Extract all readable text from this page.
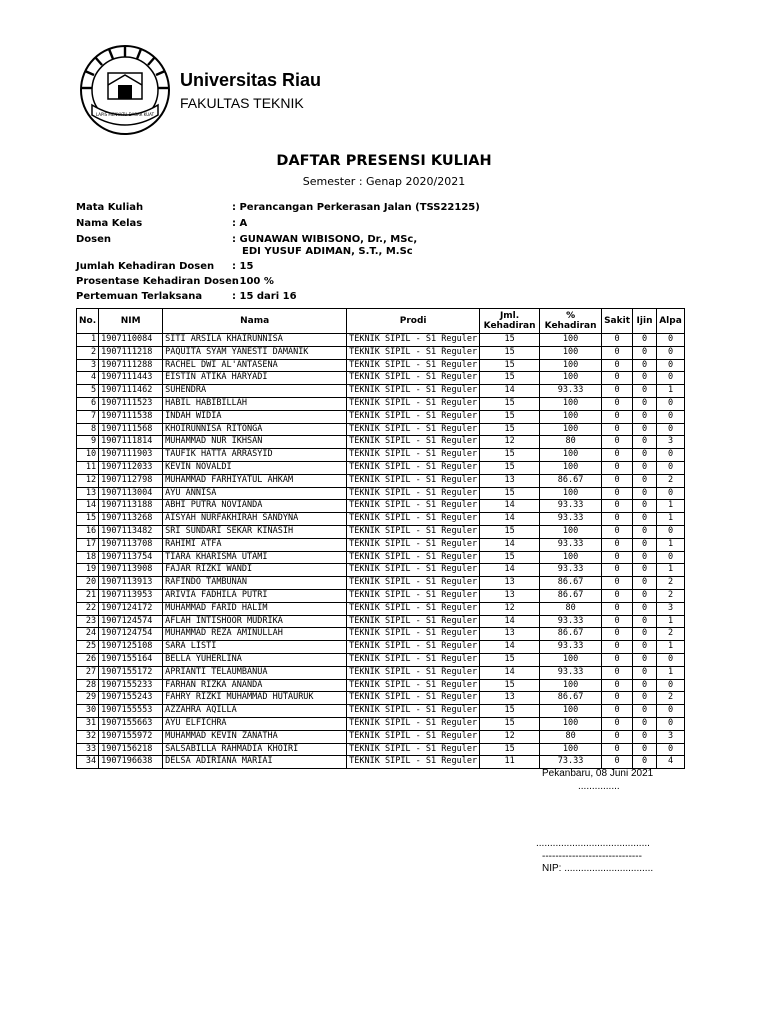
LAPIS MENYATU DASAR KUAT
Universitas Riau
FAKULTAS TEKNIK
DAFTAR PRESENSI KULIAH
Semester : Genap 2020/2021
Mata Kuliah	: Perancangan Perkerasan Jalan (TSS22125)
Nama Kelas	: A
Dosen	: GUNAWAN WIBISONO, Dr., MSc,
EDI YUSUF ADIMAN, S.T., M.Sc
Jumlah Kehadiran Dosen : 15
Prosentase Kehadiran Dosen
: 100 %
Pertemuan Terlaksana	: 15 dari 16
No.	NIM	Nama	Prodi	Jml. Kehadiran	% Kehadiran	Sakit	Ijin	Alpa
1	1907110084	SITI ARSILA KHAIRUNNISA	TEKNIK SIPIL - S1 Reguler	15	100	0	0	0
2	1907111218	PAQUITA SYAM YANESTI DAMANIK	TEKNIK SIPIL - S1 Reguler	15	100	0	0	0
3	1907111288	RACHEL DWI AL'ANTASENA	TEKNIK SIPIL - S1 Reguler	15	100	0	0	0
4	1907111443	EISTIN ATIKA HARYADI	TEKNIK SIPIL - S1 Reguler	15	100	0	0	0
5	1907111462	SUHENDRA	TEKNIK SIPIL - S1 Reguler	14	93.33	0	0	1
6	1907111523	HABIL HABIBILLAH	TEKNIK SIPIL - S1 Reguler	15	100	0	0	0
7	1907111538	INDAH WIDIA	TEKNIK SIPIL - S1 Reguler	15	100	0	0	0
8	1907111568	KHOIRUNNISA RITONGA	TEKNIK SIPIL - S1 Reguler	15	100	0	0	0
9	1907111814	MUHAMMAD NUR IKHSAN	TEKNIK SIPIL - S1 Reguler	12	80	0	0	3
10	1907111903	TAUFIK HATTA ARRASYID	TEKNIK SIPIL - S1 Reguler	15	100	0	0	0
11	1907112033	KEVIN NOVALDI	TEKNIK SIPIL - S1 Reguler	15	100	0	0	0
12	1907112798	MUHAMMAD FARHIYATUL AHKAM	TEKNIK SIPIL - S1 Reguler	13	86.67	0	0	2
13	1907113004	AYU ANNISA	TEKNIK SIPIL - S1 Reguler	15	100	0	0	0
14	1907113188	ABHI PUTRA NOVIANDA	TEKNIK SIPIL - S1 Reguler	14	93.33	0	0	1
15	1907113268	AISYAH NURFAKHIRAH SANDYNA	TEKNIK SIPIL - S1 Reguler	14	93.33	0	0	1
16	1907113482	SRI SUNDARI SEKAR KINASIH	TEKNIK SIPIL - S1 Reguler	15	100	0	0	0
17	1907113708	RAHIMI ATFA	TEKNIK SIPIL - S1 Reguler	14	93.33	0	0	1
18	1907113754	TIARA KHARISMA UTAMI	TEKNIK SIPIL - S1 Reguler	15	100	0	0	0
19	1907113908	FAJAR RIZKI WANDI	TEKNIK SIPIL - S1 Reguler	14	93.33	0	0	1
20	1907113913	RAFINDO TAMBUNAN	TEKNIK SIPIL - S1 Reguler	13	86.67	0	0	2
21	1907113953	ARIVIA FADHILA PUTRI	TEKNIK SIPIL - S1 Reguler	13	86.67	0	0	2
22	1907124172	MUHAMMAD FARID HALIM	TEKNIK SIPIL - S1 Reguler	12	80	0	0	3
23	1907124574	AFLAH INTISHOOR MUDRIKA	TEKNIK SIPIL - S1 Reguler	14	93.33	0	0	1
24	1907124754	MUHAMMAD REZA AMINULLAH	TEKNIK SIPIL - S1 Reguler	13	86.67	0	0	2
25	1907125108	SARA LISTI	TEKNIK SIPIL - S1 Reguler	14	93.33	0	0	1
26	1907155164	BELLA YUHERLINA	TEKNIK SIPIL - S1 Reguler	15	100	0	0	0
27	1907155172	APRIANTI TELAUMBANUA	TEKNIK SIPIL - S1 Reguler	14	93.33	0	0	1
28	1907155233	FARHAN RIZKA ANANDA	TEKNIK SIPIL - S1 Reguler	15	100	0	0	0
29	1907155243	FAHRY RIZKI MUHAMMAD HUTAURUK	TEKNIK SIPIL - S1 Reguler	13	86.67	0	0	2
30	1907155553	AZZAHRA AQILLA	TEKNIK SIPIL - S1 Reguler	15	100	0	0	0
31	1907155663	AYU ELFICHRA	TEKNIK SIPIL - S1 Reguler	15	100	0	0	0
32	1907155972	MUHAMMAD KEVIN ZANATHA	TEKNIK SIPIL - S1 Reguler	12	80	0	0	3
33	1907156218	SALSABILLA RAHMADIA KHOIRI	TEKNIK SIPIL - S1 Reguler	15	100	0	0	0
34	1907196638	DELSA ADIRIANA MARIAI	TEKNIK SIPIL - S1 Reguler	11	73.33	0	0	4
Pekanbaru, 08 Juni 2021
...............
.........................................
------------------------------
NIP: ................................
